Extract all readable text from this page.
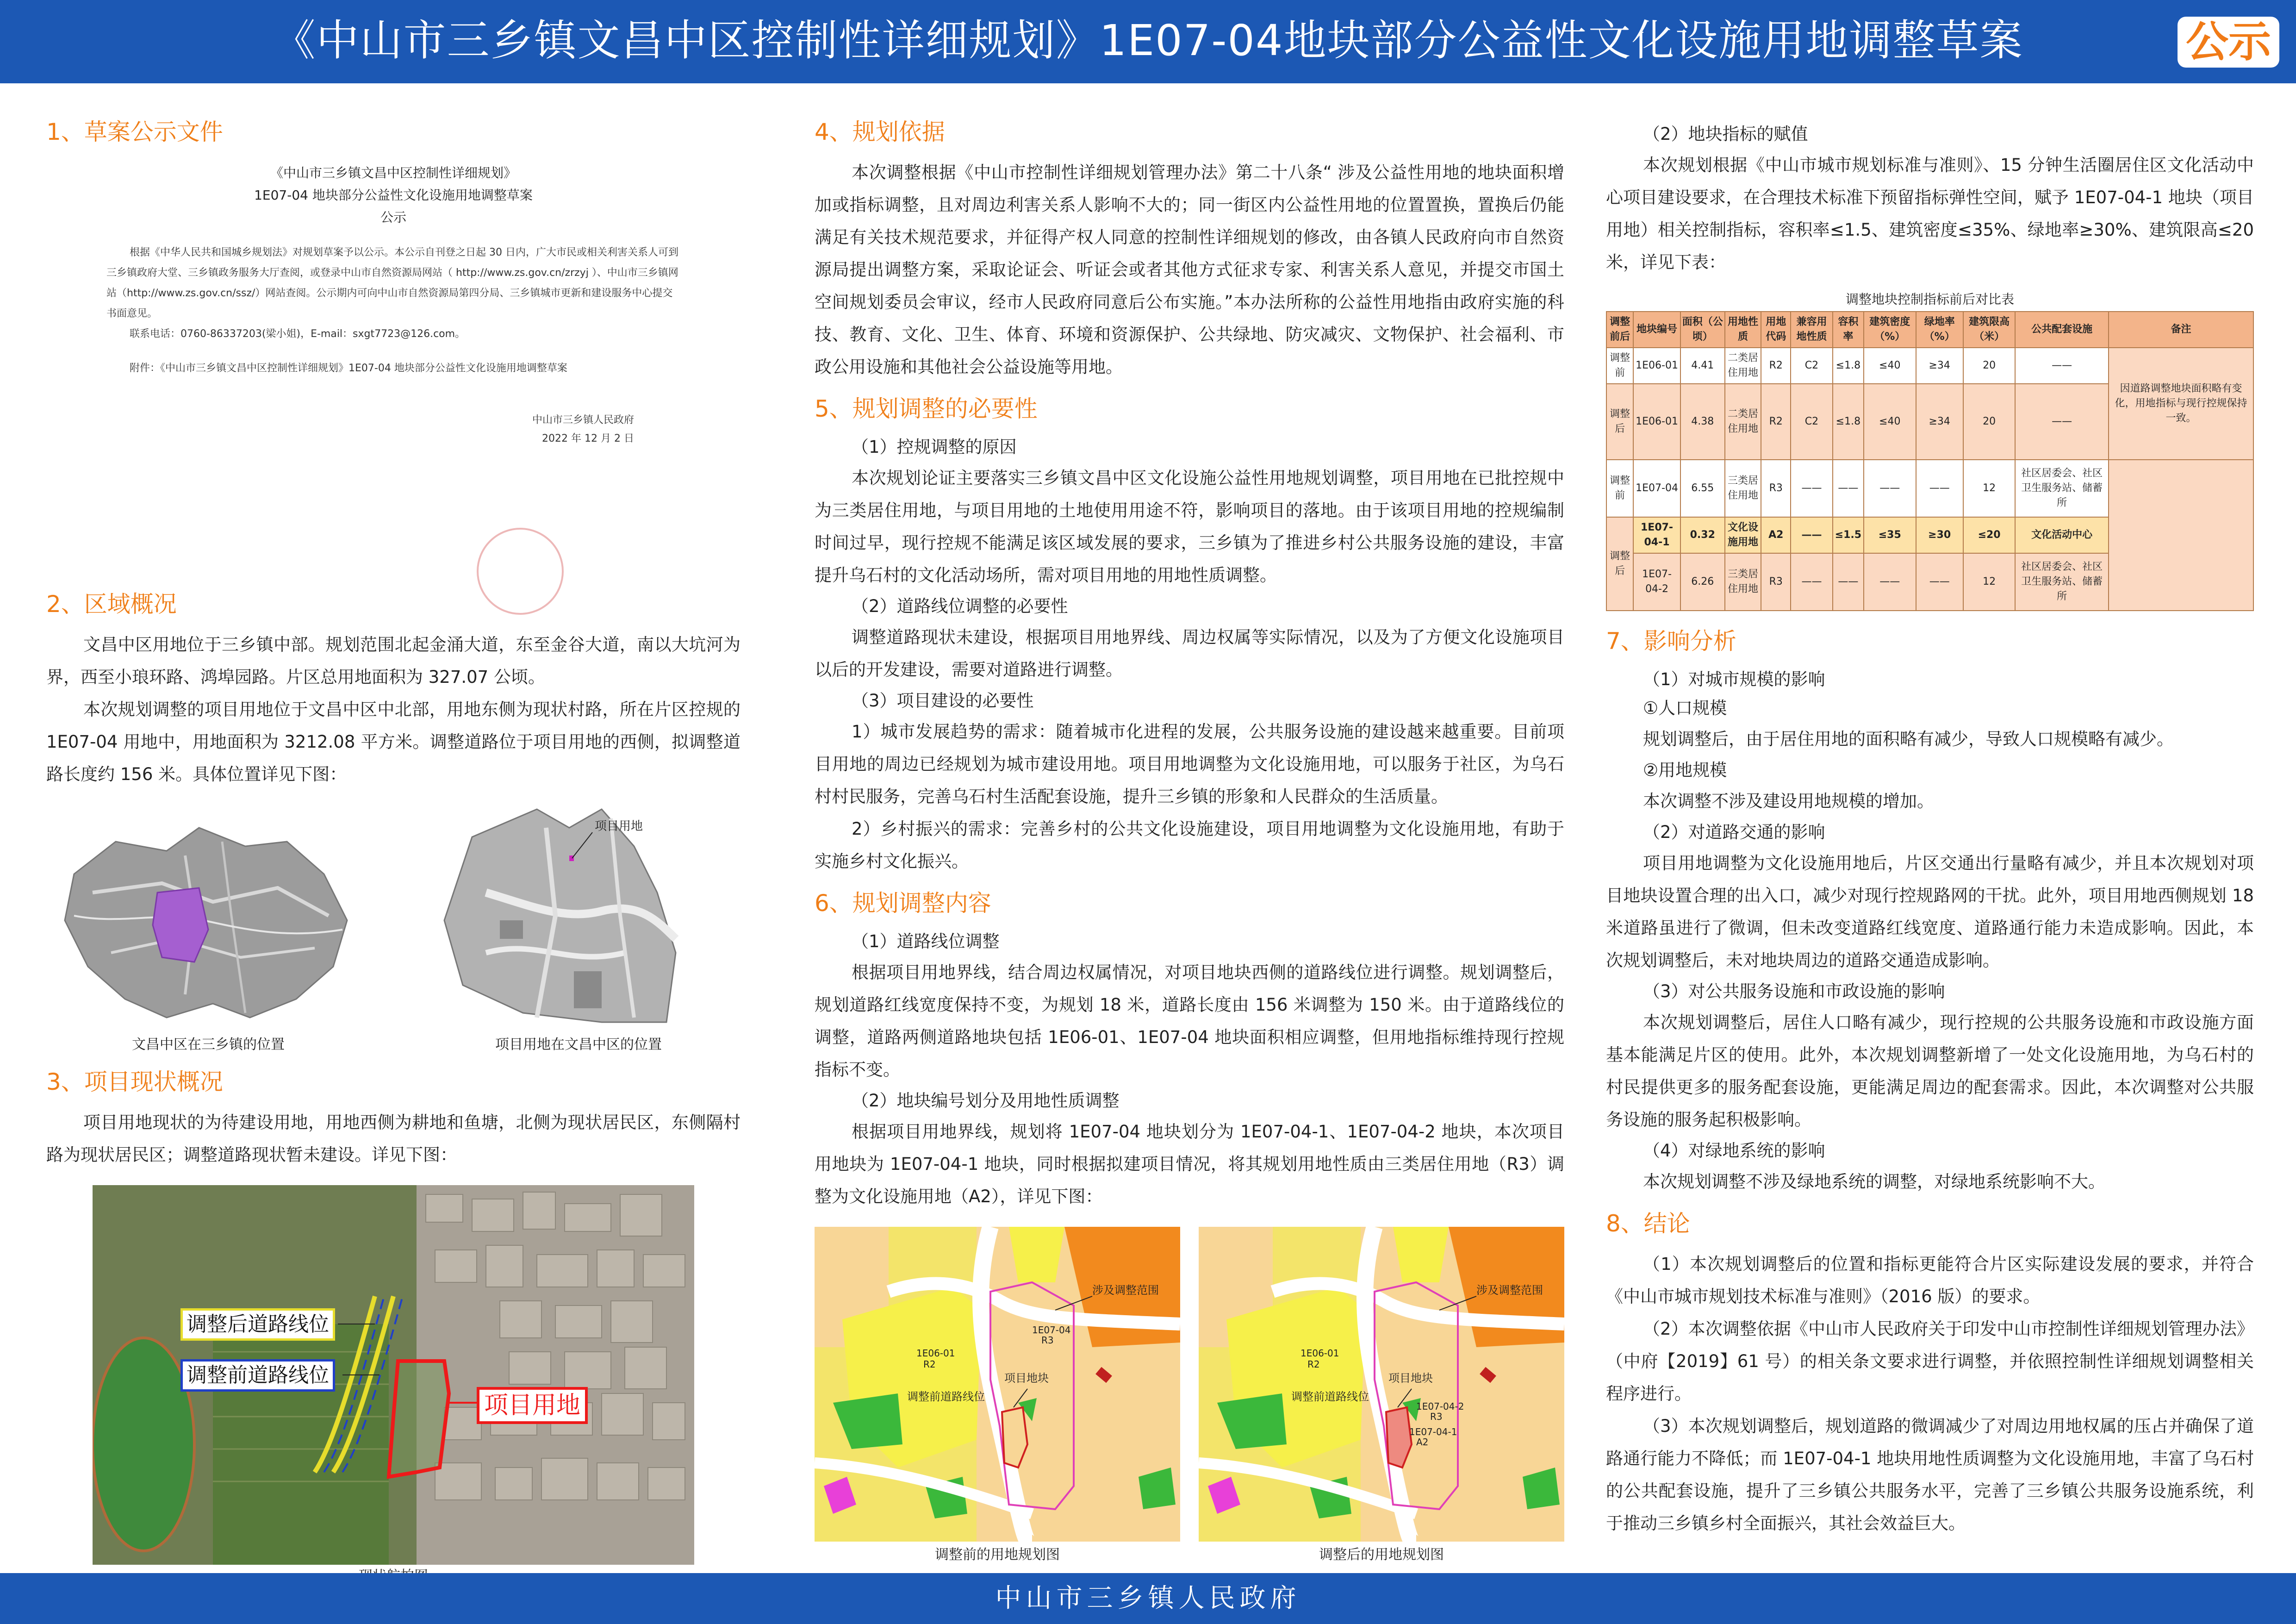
《中山市三乡镇文昌中区控制性详细规划》1E07-04地块部分公益性文化设施用地调整草案	公示
1、草案公示文件
《中山市三乡镇文昌中区控制性详细规划》
1E07-04 地块部分公益性文化设施用地调整草案
公示
根据《中华人民共和国城乡规划法》对规划草案予以公示。本公示自刊登之日起 30 日内，广大市民或相关利害关系人可到三乡镇政府大堂、三乡镇政务服务大厅查阅，或登录中山市自然资源局网站（ http://www.zs.gov.cn/zrzyj ）、中山市三乡镇网站（http://www.zs.gov.cn/ssz/）网站查阅。公示期内可向中山市自然资源局第四分局、三乡镇城市更新和建设服务中心提交书面意见。
联系电话：0760-86337203(梁小姐)，E-mail：sxgt7723@126.com。
附件：《中山市三乡镇文昌中区控制性详细规划》1E07-04 地块部分公益性文化设施用地调整草案
中山市三乡镇人民政府
2022 年 12 月 2 日
2、区域概况

文昌中区用地位于三乡镇中部。规划范围北起金涌大道，东至金谷大道，南以大坑河为界，西至小琅环路、鸿埠园路。片区总用地面积为 327.07 公顷。

本次规划调整的项目用地位于文昌中区中北部，用地东侧为现状村路，所在片区控规的 1E07-04 用地中，用地面积为 3212.08 平方米。调整道路位于项目用地的西侧，拟调整道路长度约 156 米。具体位置详见下图：

文昌中区在三乡镇的位置
项目用地
项目用地在文昌中区的位置
3、项目现状概况

项目用地现状的为待建设用地，用地西侧为耕地和鱼塘，北侧为现状居民区，东侧隔村路为现状居民区；调整道路现状暂未建设。详见下图：

调整后道路线位
调整前道路线位
项目用地
4、规划依据

本次调整根据《中山市控制性详细规划管理办法》第二十八条“ 涉及公益性用地的地块面积增加或指标调整，且对周边利害关系人影响不大的；同一街区内公益性用地的位置置换，置换后仍能满足有关技术规范要求，并征得产权人同意的控制性详细规划的修改，由各镇人民政府向市自然资源局提出调整方案，采取论证会、听证会或者其他方式征求专家、利害关系人意见，并提交市国土空间规划委员会审议，经市人民政府同意后公布实施。”本办法所称的公益性用地指由政府实施的科技、教育、文化、卫生、体育、环境和资源保护、公共绿地、防灾减灾、文物保护、社会福利、市政公用设施和其他社会公益设施等用地。

5、规划调整的必要性
（1）控规调整的原因

本次规划论证主要落实三乡镇文昌中区文化设施公益性用地规划调整，项目用地在已批控规中为三类居住用地，与项目用地的土地使用用途不符，影响项目的落地。由于该项目用地的控规编制时间过早，现行控规不能满足该区域发展的要求，三乡镇为了推进乡村公共服务设施的建设，丰富提升乌石村的文化活动场所，需对项目用地的用地性质调整。

（2）道路线位调整的必要性

调整道路现状未建设，根据项目用地界线、周边权属等实际情况，以及为了方便文化设施项目以后的开发建设，需要对道路进行调整。

（3）项目建设的必要性

1）城市发展趋势的需求：随着城市化进程的发展，公共服务设施的建设越来越重要。目前项目用地的周边已经规划为城市建设用地。项目用地调整为文化设施用地，可以服务于社区，为乌石村村民服务，完善乌石村生活配套设施，提升三乡镇的形象和人民群众的生活质量。

2）乡村振兴的需求：完善乡村的公共文化设施建设，项目用地调整为文化设施用地，有助于实施乡村文化振兴。

6、规划调整内容
（1）道路线位调整

根据项目用地界线，结合周边权属情况，对项目地块西侧的道路线位进行调整。规划调整后，规划道路红线宽度保持不变，为规划 18 米，道路长度由 156 米调整为 150 米。由于道路线位的调整，道路两侧道路地块包括 1E06-01、1E07-04 地块面积相应调整，但用地指标维持现行控规指标不变。

（2）地块编号划分及用地性质调整

根据项目用地界线，规划将 1E07-04 地块划分为 1E07-04-1、1E07-04-2 地块，本次项目用地块为 1E07-04-1 地块，同时根据拟建项目情况，将其规划用地性质由三类居住用地（R3）调整为文化设施用地（A2），详见下图：

1E07-04
R3
1E06-01
R2
项目地块
调整前道路线位
涉及调整范围
调整前的用地规划图
1E07-04-2
R3
1E07-04-1
A2
1E06-01
R2
项目地块
调整前道路线位
涉及调整范围
调整后的用地规划图
（2）地块指标的赋值

本次规划根据《中山市城市规划标准与准则》、15 分钟生活圈居住区文化活动中心项目建设要求，在合理技术标准下预留指标弹性空间，赋予 1E07-04-1 地块（项目用地）相关控制指标，容积率≤1.5、建筑密度≤35%、绿地率≥30%、建筑限高≤20 米，详见下表：

调整地块控制指标前后对比表
调整前后	地块编号	面积（公顷）	用地性质	用地代码	兼容用地性质	容积率	建筑密度（%）	绿地率（%）	建筑限高（米）	公共配套设施	备注
调整前	1E06-01	4.41	二类居住用地	R2	C2	≤1.8	≤40	≥34	20	——	因道路调整地块面积略有变化，用地指标与现行控规保持一致。
调整后	1E06-01	4.38	二类居住用地	R2	C2	≤1.8	≤40	≥34	20	——	
调整前	1E07-04	6.55	三类居住用地	R3	——	——	——	——	12	社区居委会、社区卫生服务站、储蓄所	
调整后	1E07-04-1	0.32	文化设施用地	A2	——	≤1.5	≤35	≥30	≤20	文化活动中心	
	1E07-04-2	6.26	三类居住用地	R3	——	——	——	——	12	社区居委会、社区卫生服务站、储蓄所	
7、影响分析
（1）对城市规模的影响
①人口规模

规划调整后，由于居住用地的面积略有减少，导致人口规模略有减少。

②用地规模

本次调整不涉及建设用地规模的增加。

（2）对道路交通的影响

项目用地调整为文化设施用地后，片区交通出行量略有减少，并且本次规划对项目地块设置合理的出入口，减少对现行控规路网的干扰。此外，项目用地西侧规划 18 米道路虽进行了微调，但未改变道路红线宽度、道路通行能力未造成影响。因此，本次规划调整后，未对地块周边的道路交通造成影响。

（3）对公共服务设施和市政设施的影响

本次规划调整后，居住人口略有减少，现行控规的公共服务设施和市政设施方面基本能满足片区的使用。此外，本次规划调整新增了一处文化设施用地，为乌石村的村民提供更多的服务配套设施，更能满足周边的配套需求。因此，本次调整对公共服务设施的服务起积极影响。

（4）对绿地系统的影响

本次规划调整不涉及绿地系统的调整，对绿地系统影响不大。

8、结论

（1）本次规划调整后的位置和指标更能符合片区实际建设发展的要求，并符合《中山市城市规划技术标准与准则》（2016 版）的要求。

（2）本次调整依据《中山市人民政府关于印发中山市控制性详细规划管理办法》（中府【2019】61 号）的相关条文要求进行调整，并依照控制性详细规划调整相关程序进行。

（3）本次规划调整后，规划道路的微调减少了对周边用地权属的压占并确保了道路通行能力不降低；而 1E07-04-1 地块用地性质调整为文化设施用地，丰富了乌石村的公共配套设施，提升了三乡镇公共服务水平，完善了三乡镇公共服务设施系统，利于推动三乡镇乡村全面振兴，其社会效益巨大。

中山市三乡镇人民政府
